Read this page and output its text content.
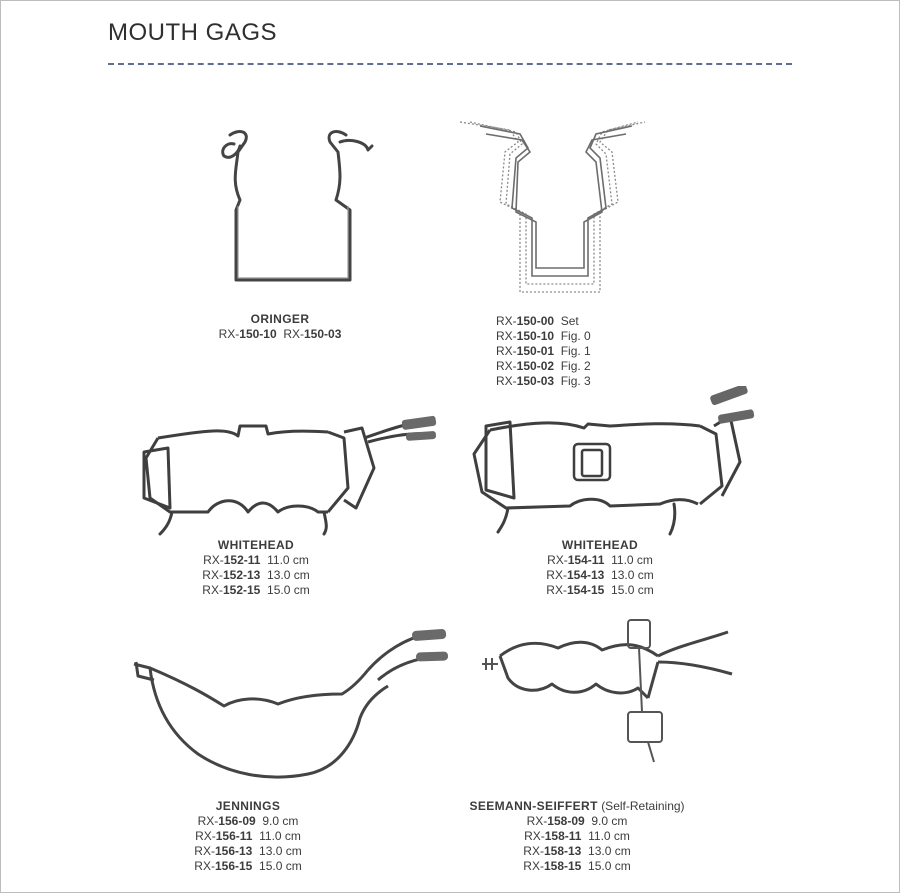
MOUTH GAGS
ORINGER
RX-150-10 RX-150-03
RX-150-00 Set
RX-150-10 Fig. 0
RX-150-01 Fig. 1
RX-150-02 Fig. 2
RX-150-03 Fig. 3
WHITEHEAD
RX-152-11 11.0 cm
RX-152-13 13.0 cm
RX-152-15 15.0 cm
WHITEHEAD
RX-154-11 11.0 cm
RX-154-13 13.0 cm
RX-154-15 15.0 cm
JENNINGS
RX-156-09 9.0 cm
RX-156-11 11.0 cm
RX-156-13 13.0 cm
RX-156-15 15.0 cm
SEEMANN-SEIFFERT (Self-Retaining)
RX-158-09 9.0 cm
RX-158-11 11.0 cm
RX-158-13 13.0 cm
RX-158-15 15.0 cm
